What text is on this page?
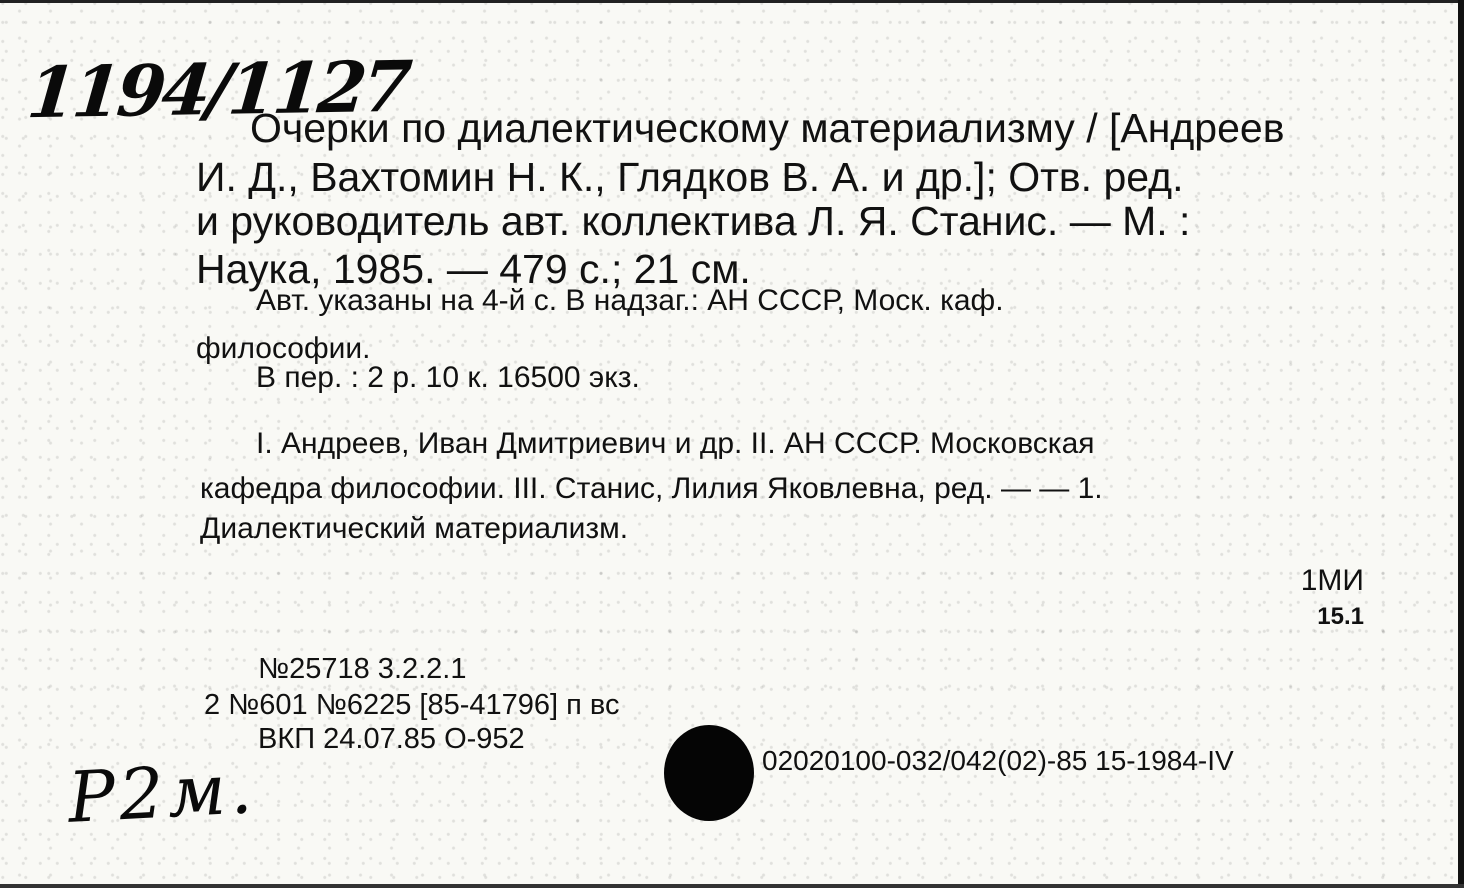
1194/1127
Очерки по диалектическому материализму / [Андреев
И. Д., Вахтомин Н. К., Глядков В. А. и др.]; Отв. ред.
и руководитель авт. коллектива Л. Я. Станис. — М. :
Наука, 1985. — 479 с.; 21 см.
Авт. указаны на 4-й с. В надзаг.: АН СССР, Моск. каф.
философии.
В пер. : 2 р. 10 к. 16500 экз.
I. Андреев, Иван Дмитриевич и др. II. АН СССР. Московская
кафедра философии. III. Станис, Лилия Яковлевна, ред. — — 1.
Диалектический материализм.
1МИ
15.1
№25718 3.2.2.1
2 №601 №6225 [85-41796] п вс
ВКП 24.07.85 О-952
02020100-032/042(02)-85 15-1984-IV
Р2м.
